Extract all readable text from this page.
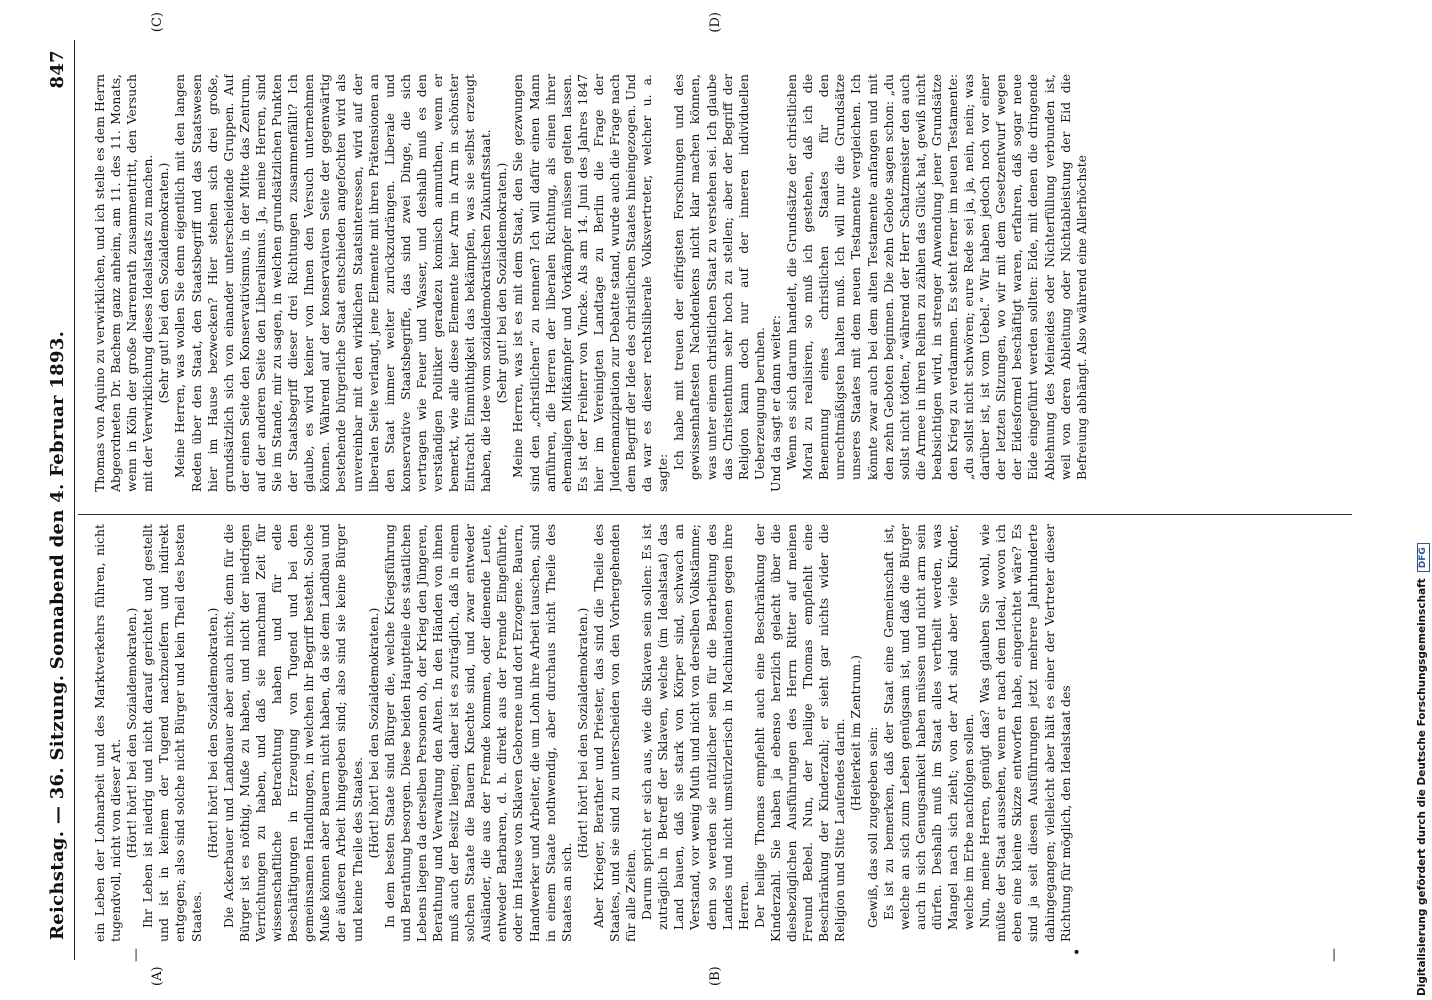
Reichstag. — 36. Sitzung.
Sonnabend den 4. Februar 1893.
847
(A)	(B)
(C)	(D)
—
—	•

ein Leben der Lohnarbeit und des Marktverkehrs führen, nicht tugendvoll, nicht von dieser Art. (Hört! hört! bei den Sozialdemokraten.) Ihr Leben ist niedrig und nicht darauf gerichtet und gestellt und ist in keinem der Tugend nachzueifern und indirekt entgegen; also sind solche nicht Bürger und kein Theil des besten Staates.

(Hört! hört! bei den Sozialdemokraten.) Die Ackerbauer und Landbauer aber auch nicht; denn für die Bürger ist es nöthig, Muße zu haben, und nicht der niedrigen Verrichtungen zu haben, und daß sie manchmal Zeit für wissenschaftliche Betrachtung haben und für edle Beschäftigungen in Erzeugung von Tugend und bei den gemeinsamen Handlungen, in welchen ihr Begriff besteht. Solche Muße können aber Bauern nicht haben, da sie dem Landbau und der äußeren Arbeit hingegeben sind; also sind sie keine Bürger und keine Theile des Staates. (Hört! hört! bei den Sozialdemokraten.) In dem besten Staate sind Bürger die, welche Kriegsführung und Berathung besorgen. Diese beiden Hauptteile des staatlichen Lebens liegen da derselben Personen ob, der Krieg den Jüngeren, Berathung und Verwaltung den Alten. In den Händen von ihnen muß auch der Besitz liegen; daher ist es zuträglich, daß in einem solchen Staate die Bauern Knechte sind, und zwar entweder Ausländer, die aus der Fremde kommen, oder dienende Leute, entweder Barbaren, d. h. direkt aus der Fremde Eingeführte, oder im Hause von Sklaven Geborene und dort Erzogene. Bauern, Handwerker und Arbeiter, die um Lohn ihre Arbeit tauschen, sind in einem Staate nothwendig, aber durchaus nicht Theile des Staates an sich.

(Hört! hört! bei den Sozialdemokraten.) Aber Krieger, Berather und Priester, das sind die Theile des Staates, und sie sind zu unterscheiden von den Vorhergehenden für alle Zeiten. Darum spricht er sich aus, wie die Sklaven sein sollen: Es ist zuträglich in Betreff der Sklaven, welche (im Idealstaat) das Land bauen, daß sie stark von Körper sind, schwach an Verstand, vor wenig Muth und nicht von derselben Volkstämme; denn so werden sie nützlicher sein für die Bearbeitung des Landes und nicht umstürzlerisch in Machinationen gegen ihre Herren. Der heilige Thomas empfiehlt auch eine Beschränkung der Kinderzahl. Sie haben ja ebenso herzlich gelacht über die diesbezüglichen Ausführungen des Herrn Ritter auf meinen Freund Bebel. Nun, der heilige Thomas empfiehlt eine Beschränkung der Kinderzahl; er sieht gar nichts wider die Religion und Sitte Laufendes darin. (Heiterkeit im Zentrum.) Gewiß, das soll zugegeben sein: Es ist zu bemerken, daß der Staat eine Gemeinschaft ist, welche an sich zum Leben genügsam ist, und daß die Bürger auch in sich Genugsamkeit haben müssen und nicht arm sein dürfen. Deshalb muß im Staat alles vertheilt werden, was Mangel nach sich zieht; von der Art sind aber viele Kinder, welche im Erbe nachfolgen sollen. Nun, meine Herren, genügt das? Was glauben Sie wohl, wie müßte der Staat aussehen, wenn er nach dem Ideal, wovon ich eben eine kleine Skizze entworfen habe, eingerichtet wäre? Es sind ja seit diesen Ausführungen jetzt mehrere Jahrhunderte dahingegangen; vielleicht aber hält es einer der Vertreter dieser Richtung für möglich, den Idealstaat des

Thomas von Aquino zu verwirklichen, und ich stelle es dem Herrn Abgeordneten Dr. Bachem ganz anheim, am 11. des 11. Monats, wenn in Köln der große Narrenrath zusammentritt, den Versuch mit der Verwirklichung dieses Idealstaats zu machen. (Sehr gut! bei den Sozialdemokraten.) Meine Herren, was wollen Sie denn eigentlich mit den langen Reden über den Staat, den Staatsbegriff und das Staatswesen hier im Hause bezwecken? Hier stehen sich drei große, grundsätzlich sich von einander unterscheidende Gruppen. Auf der einen Seite den Konservativismus, in der Mitte das Zentrum, auf der anderen Seite den Liberalismus. Ja, meine Herren, sind Sie im Stande, mir zu sagen, in welchen grundsätzlichen Punkten der Staatsbegriff dieser drei Richtungen zusammenfällt? Ich glaube, es wird keiner von Ihnen den Versuch unternehmen können. Während auf der konservativen Seite der gegenwärtig bestehende bürgerliche Staat entschieden angefochten wird als unvereinbar mit den wirklichen Staatsinteressen, wird auf der liberalen Seite verlangt, jene Elemente mit ihren Prätensionen an den Staat immer weiter zurückzudrängen. Liberale und konservative Staatsbegriffe, das sind zwei Dinge, die sich vertragen wie Feuer und Wasser, und deshalb muß es den verständigen Politiker geradezu komisch anmuthen, wenn er bemerkt, wie alle diese Elemente hier Arm in Arm in schönster Eintracht Einmüthigkeit das bekämpfen, was sie selbst erzeugt haben, die Idee vom sozialdemokratischen Zukunftsstaat. (Sehr gut! bei den Sozialdemokraten.) Meine Herren, was ist es mit dem Staat, den Sie gezwungen sind den „christlichen“ zu nennen? Ich will dafür einen Mann anführen, die Herren der liberalen Richtung, als einen ihrer ehemaligen Mitkämpfer und Vorkämpfer müssen gelten lassen. Es ist der Freiherr von Vincke. Als am 14. Juni des Jahres 1847 hier im Vereinigten Landtage zu Berlin die Frage der Judenemanzipation zur Debatte stand, wurde auch die Frage nach dem Begriff der Idee des christlichen Staates hineingezogen. Und da war es dieser rechtsliberale Volksvertreter, welcher u. a. sagte:

Ich habe mit treuen der eifrigsten Forschungen und des gewissenhaftesten Nachdenkens nicht klar machen können, was unter einem christlichen Staat zu verstehen sei. Ich glaube das Christenthum sehr hoch zu stellen; aber der Begriff der Religion kann doch nur auf der inneren individuellen Ueberzeugung beruhen. Und da sagt er dann weiter: Wenn es sich darum handelt, die Grundsätze der christlichen Moral zu realisiren, so muß ich gestehen, daß ich die Benennung eines christlichen Staates für den unrechtmäßigsten halten muß. Ich will nur die Grundsätze unseres Staates mit dem neuen Testamente vergleichen. Ich könnte zwar auch bei dem alten Testamente anfangen und mit den zehn Geboten beginnen. Die zehn Gebote sagen schon: „du sollst nicht tödten,“ während der Herr Schatzmeister den auch die Armee in ihren Reihen zu zählen das Glück hat, gewiß nicht beabsichtigen wird, in strenger Anwendung jener Grundsätze den Krieg zu verdammen. Es steht ferner im neuen Testamente: „du sollst nicht schwören; eure Rede sei ja, ja, nein, nein; was darüber ist, ist vom Uebel.“ Wir haben jedoch noch vor einer der letzten Sitzungen, wo wir mit dem Gesetzentwurf wegen der Eidesformel beschäftigt waren, erfahren, daß sogar neue Eide eingeführt werden sollten: Eide, mit denen die dringende Ablehnung des Meineides oder Nichterfüllung verbunden ist, weil von deren Ableitung oder Nichtableistung der Eid die Befreiung abhängt. Also während eine Allerhöchste

Digitalisierung gefördert durch die Deutsche ForschungsgemeinschaftDFG
